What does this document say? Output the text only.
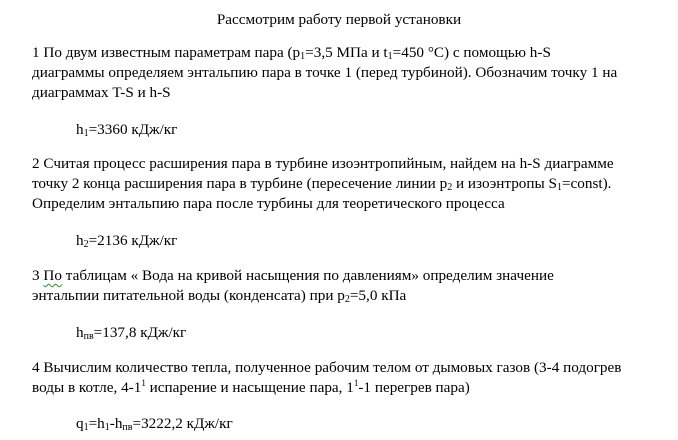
Рассмотрим работу первой установки
1 По двум известным параметрам пара ($p_1=3,5$ МПа и $t_1=450$ °C) с помощью h-S
диаграммы определяем энтальпию пара в точке 1 (перед турбиной). Обозначим точку 1 на
диаграммах T-S и h-S
$h_1=3360$ кДж/кг
2 Считая процесс расширения пара в турбине изоэнтропийным, найдем на h-S диаграмме
точку 2 конца расширения пара в турбине (пересечение линии $p_2$ и изоэнтропы $S_1=const$).
Определим энтальпию пара после турбины для теоретического процесса
$h_2=2136$ кДж/кг
3 По таблицам « Вода на кривой насыщения по давлениям» определим значение
энтальпии питательной воды (конденсата) при $p_2=5,0$ кПа
$h_{пв}=137,8$ кДж/кг
4 Вычислим количество тепла, полученное рабочим телом от дымовых газов (3-4 подогрев
воды в котле, $4-1^1$ испарение и насыщение пара, $1^1-1$ перегрев пара)
$q_1=h_1-h_{пв}=3222,2$ кДж/кг
